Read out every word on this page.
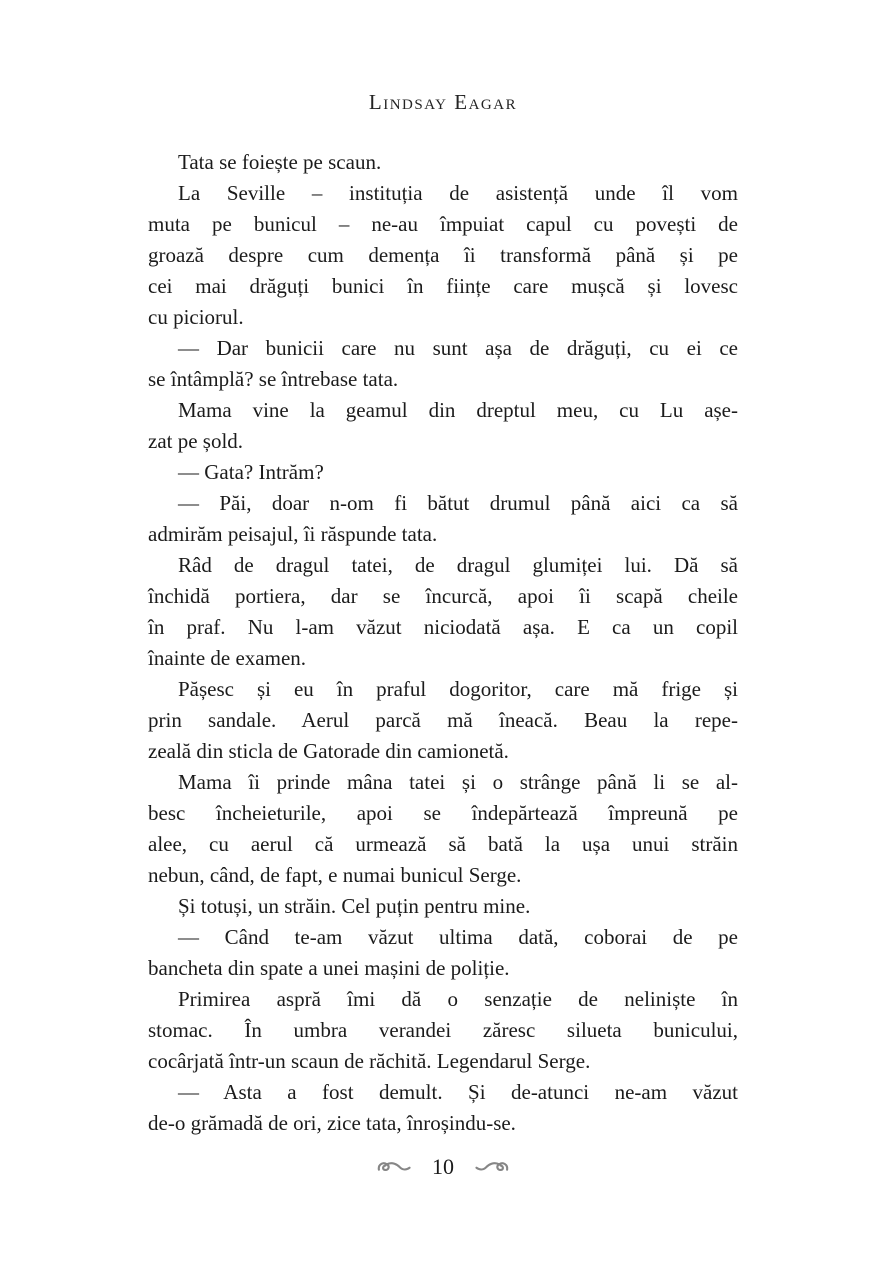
Lindsay Eagar

Tata se foiește pe scaun.

La Seville – instituția de asistență unde îl vom
muta pe bunicul – ne-au împuiat capul cu povești de
groază despre cum demența îi transformă până și pe
cei mai drăguți bunici în ființe care mușcă și lovesc
cu piciorul.

— Dar bunicii care nu sunt așa de drăguți, cu ei ce
se întâmplă? se întrebase tata.

Mama vine la geamul din dreptul meu, cu Lu așe-
zat pe șold.

— Gata? Intrăm?

— Păi, doar n-om fi bătut drumul până aici ca să
admirăm peisajul, îi răspunde tata.

Râd de dragul tatei, de dragul glumiței lui. Dă să
închidă portiera, dar se încurcă, apoi îi scapă cheile
în praf. Nu l-am văzut niciodată așa. E ca un copil
înainte de examen.

Pășesc și eu în praful dogoritor, care mă frige și
prin sandale. Aerul parcă mă îneacă. Beau la repe-
zeală din sticla de Gatorade din camionetă.

Mama îi prinde mâna tatei și o strânge până li se al-
besc încheieturile, apoi se îndepărtează împreună pe
alee, cu aerul că urmează să bată la ușa unui străin
nebun, când, de fapt, e numai bunicul Serge.

Și totuși, un străin. Cel puțin pentru mine.

— Când te-am văzut ultima dată, coborai de pe
bancheta din spate a unei mașini de poliție.

Primirea aspră îmi dă o senzație de neliniște în
stomac. În umbra verandei zăresc silueta bunicului,
cocârjată într-un scaun de răchită. Legendarul Serge.

— Asta a fost demult. Și de-atunci ne-am văzut
de-o grămadă de ori, zice tata, înroșindu-se.

10
